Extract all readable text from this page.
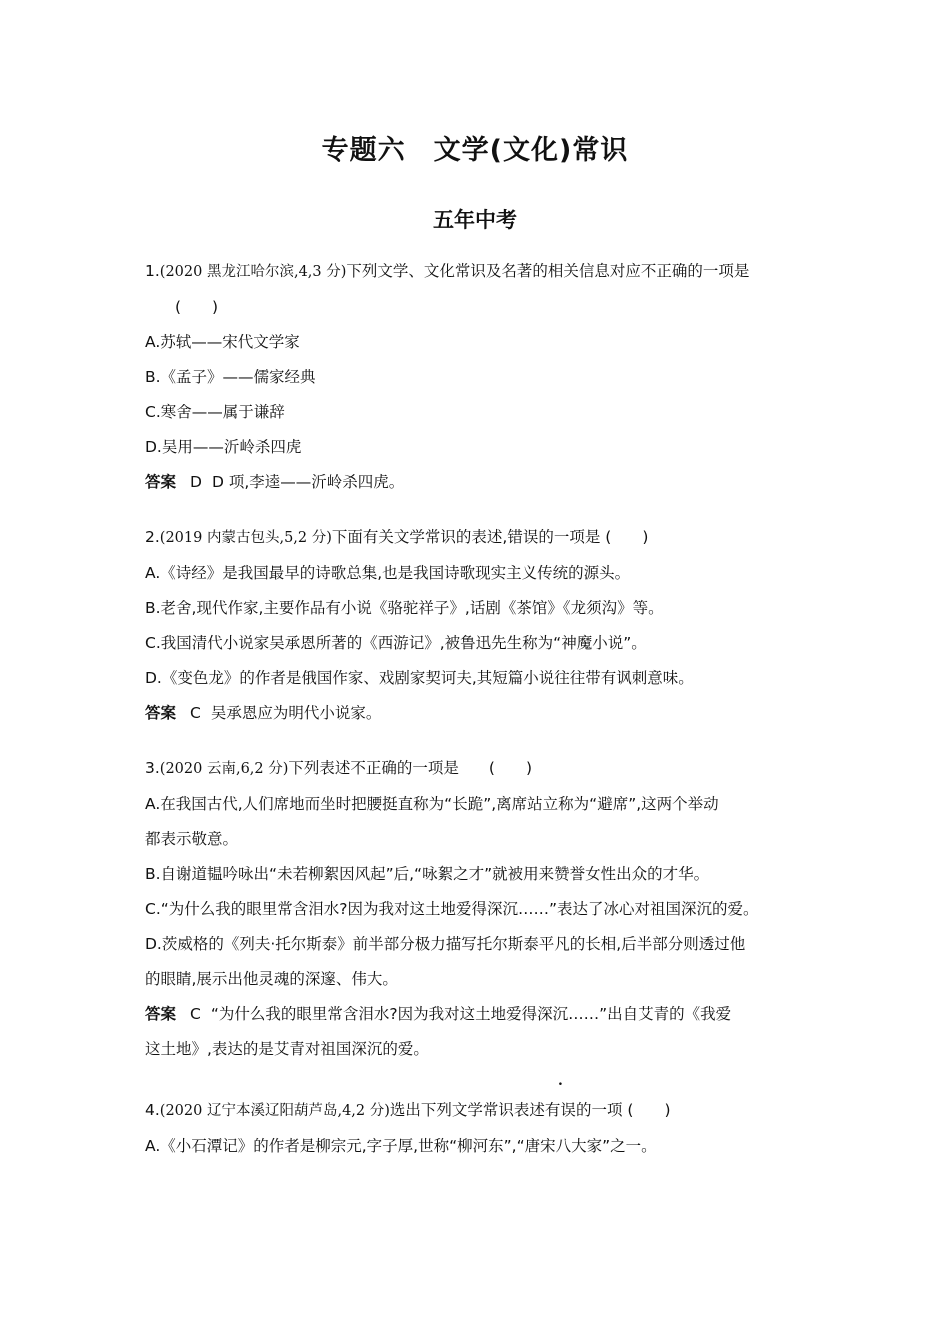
专题六 文学(文化)常识
五年中考
1.(2020 黑龙江哈尔滨,4,3 分)下列文学、文化常识及名著的相关信息对应不正确的一项是
(　　)
A.苏轼——宋代文学家
B.《孟子》——儒家经典
C.寒舍——属于谦辞
D.吴用——沂岭杀四虎
答案 D D 项,李逵——沂岭杀四虎。
2.(2019 内蒙古包头,5,2 分)下面有关文学常识的表述,错误的一项是 (　　)
A.《诗经》是我国最早的诗歌总集,也是我国诗歌现实主义传统的源头。
B.老舍,现代作家,主要作品有小说《骆驼祥子》,话剧《茶馆》《龙须沟》等。
C.我国清代小说家吴承恩所著的《西游记》,被鲁迅先生称为“神魔小说”。
D.《变色龙》的作者是俄国作家、戏剧家契诃夫,其短篇小说往往带有讽刺意味。
答案 C 吴承恩应为明代小说家。
3.(2020 云南,6,2 分)下列表述不正确的一项是 (　　)
A.在我国古代,人们席地而坐时把腰挺直称为“长跪”,离席站立称为“避席”,这两个举动
都表示敬意。
B.自谢道韫吟咏出“未若柳絮因风起”后,“咏絮之才”就被用来赞誉女性出众的才华。
C.“为什么我的眼里常含泪水?因为我对这土地爱得深沉……”表达了冰心对祖国深沉的爱。
D.茨威格的《列夫·托尔斯泰》前半部分极力描写托尔斯泰平凡的长相,后半部分则透过他
的眼睛,展示出他灵魂的深邃、伟大。
答案 C “为什么我的眼里常含泪水?因为我对这土地爱得深沉……”出自艾青的《我爱
这土地》,表达的是艾青对祖国深沉的爱。
4.(2020 辽宁本溪辽阳葫芦岛,4,2 分)选出下列文学常识表述有误的一项 (　　)
A.《小石潭记》的作者是柳宗元,字子厚,世称“柳河东”,“唐宋八大家”之一。
